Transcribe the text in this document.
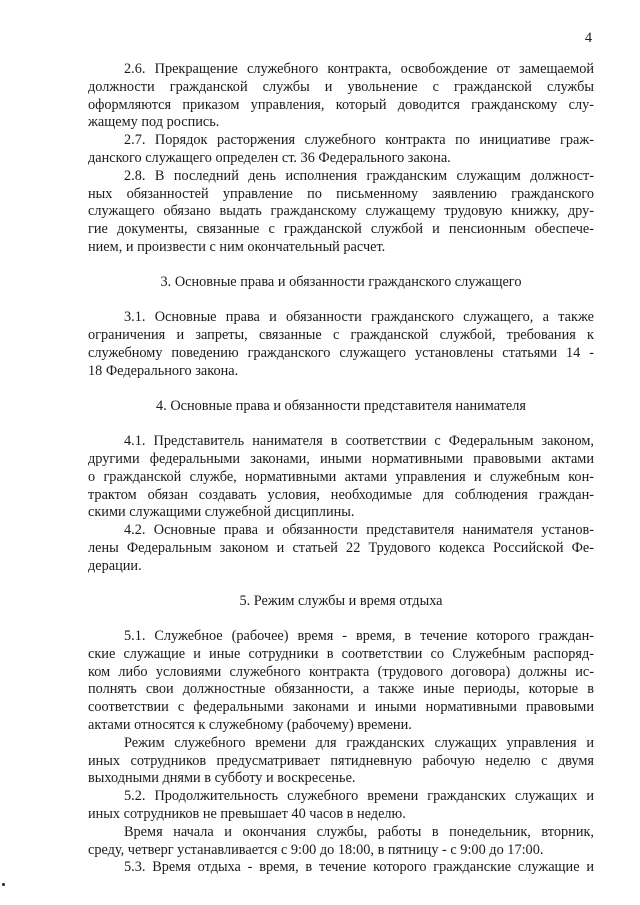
4
2.6. Прекращение служебного контракта, освобождение от замещаемой
должности гражданской службы и увольнение с гражданской службы
оформляются приказом управления, который доводится гражданскому слу-
жащему под роспись.
2.7. Порядок расторжения служебного контракта по инициативе граж-
данского служащего определен ст. 36 Федерального закона.
2.8. В последний день исполнения гражданским служащим должност-
ных обязанностей управление по письменному заявлению гражданского
служащего обязано выдать гражданскому служащему трудовую книжку, дру-
гие документы, связанные с гражданской службой и пенсионным обеспече-
нием, и произвести с ним окончательный расчет.
3. Основные права и обязанности гражданского служащего
3.1. Основные права и обязанности гражданского служащего, а также
ограничения и запреты, связанные с гражданской службой, требования к
служебному поведению гражданского служащего установлены статьями 14 -
18 Федерального закона.
4. Основные права и обязанности представителя нанимателя
4.1. Представитель нанимателя в соответствии с Федеральным законом,
другими федеральными законами, иными нормативными правовыми актами
о гражданской службе, нормативными актами управления и служебным кон-
трактом обязан создавать условия, необходимые для соблюдения граждан-
скими служащими служебной дисциплины.
4.2. Основные права и обязанности представителя нанимателя установ-
лены Федеральным законом и статьей 22 Трудового кодекса Российской Фе-
дерации.
5. Режим службы и время отдыха
5.1. Служебное (рабочее) время - время, в течение которого граждан-
ские служащие и иные сотрудники в соответствии со Служебным распоряд-
ком либо условиями служебного контракта (трудового договора) должны ис-
полнять свои должностные обязанности, а также иные периоды, которые в
соответствии с федеральными законами и иными нормативными правовыми
актами относятся к служебному (рабочему) времени.
Режим служебного времени для гражданских служащих управления и
иных сотрудников предусматривает пятидневную рабочую неделю с двумя
выходными днями в субботу и воскресенье.
5.2. Продолжительность служебного времени гражданских служащих и
иных сотрудников не превышает 40 часов в неделю.
Время начала и окончания службы, работы в понедельник, вторник,
среду, четверг устанавливается с 9:00 до 18:00, в пятницу - с 9:00 до 17:00.
5.3. Время отдыха - время, в течение которого гражданские служащие и
